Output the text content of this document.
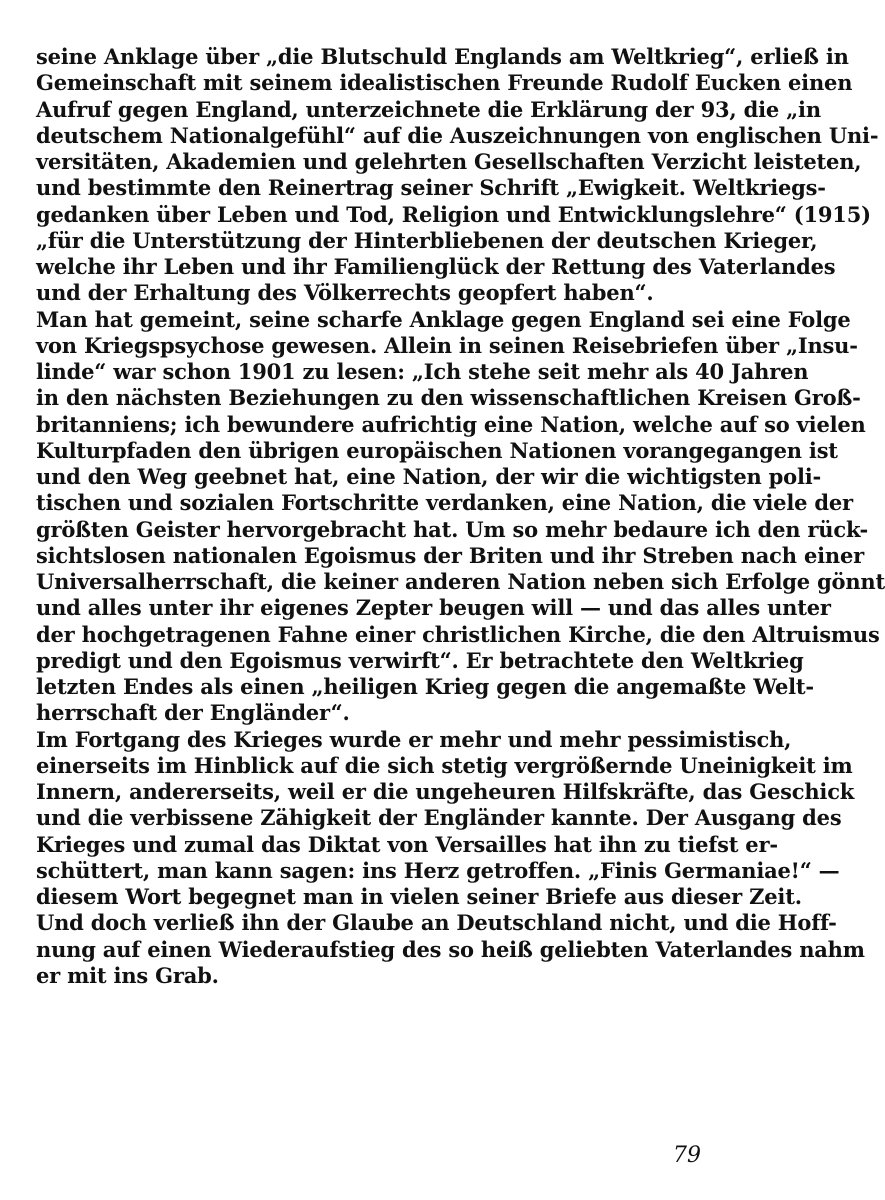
seine Anklage über „die Blutschuld Englands am Weltkrieg“, erließ in
Gemeinschaft mit seinem idealistischen Freunde Rudolf Eucken einen
Aufruf gegen England, unterzeichnete die Erklärung der 93, die „in
deutschem Nationalgefühl“ auf die Auszeichnungen von englischen Uni-
versitäten, Akademien und gelehrten Gesellschaften Verzicht leisteten,
und bestimmte den Reinertrag seiner Schrift „Ewigkeit. Weltkriegs-
gedanken über Leben und Tod, Religion und Entwicklungslehre“ (1915)
„für die Unterstützung der Hinterbliebenen der deutschen Krieger,
welche ihr Leben und ihr Familienglück der Rettung des Vaterlandes
und der Erhaltung des Völkerrechts geopfert haben“.
Man hat gemeint, seine scharfe Anklage gegen England sei eine Folge
von Kriegspsychose gewesen. Allein in seinen Reisebriefen über „Insu-
linde“ war schon 1901 zu lesen: „Ich stehe seit mehr als 40 Jahren
in den nächsten Beziehungen zu den wissenschaftlichen Kreisen Groß-
britanniens; ich bewundere aufrichtig eine Nation, welche auf so vielen
Kulturpfaden den übrigen europäischen Nationen vorangegangen ist
und den Weg geebnet hat, eine Nation, der wir die wichtigsten poli-
tischen und sozialen Fortschritte verdanken, eine Nation, die viele der
größten Geister hervorgebracht hat. Um so mehr bedaure ich den rück-
sichtslosen nationalen Egoismus der Briten und ihr Streben nach einer
Universalherrschaft, die keiner anderen Nation neben sich Erfolge gönnt
und alles unter ihr eigenes Zepter beugen will — und das alles unter
der hochgetragenen Fahne einer christlichen Kirche, die den Altruismus
predigt und den Egoismus verwirft“. Er betrachtete den Weltkrieg
letzten Endes als einen „heiligen Krieg gegen die angemaßte Welt-
herrschaft der Engländer“.
Im Fortgang des Krieges wurde er mehr und mehr pessimistisch,
einerseits im Hinblick auf die sich stetig vergrößernde Uneinigkeit im
Innern, andererseits, weil er die ungeheuren Hilfskräfte, das Geschick
und die verbissene Zähigkeit der Engländer kannte. Der Ausgang des
Krieges und zumal das Diktat von Versailles hat ihn zu tiefst er-
schüttert, man kann sagen: ins Herz getroffen. „Finis Germaniae!“ —
diesem Wort begegnet man in vielen seiner Briefe aus dieser Zeit.
Und doch verließ ihn der Glaube an Deutschland nicht, und die Hoff-
nung auf einen Wiederaufstieg des so heiß geliebten Vaterlandes nahm
er mit ins Grab.
79
